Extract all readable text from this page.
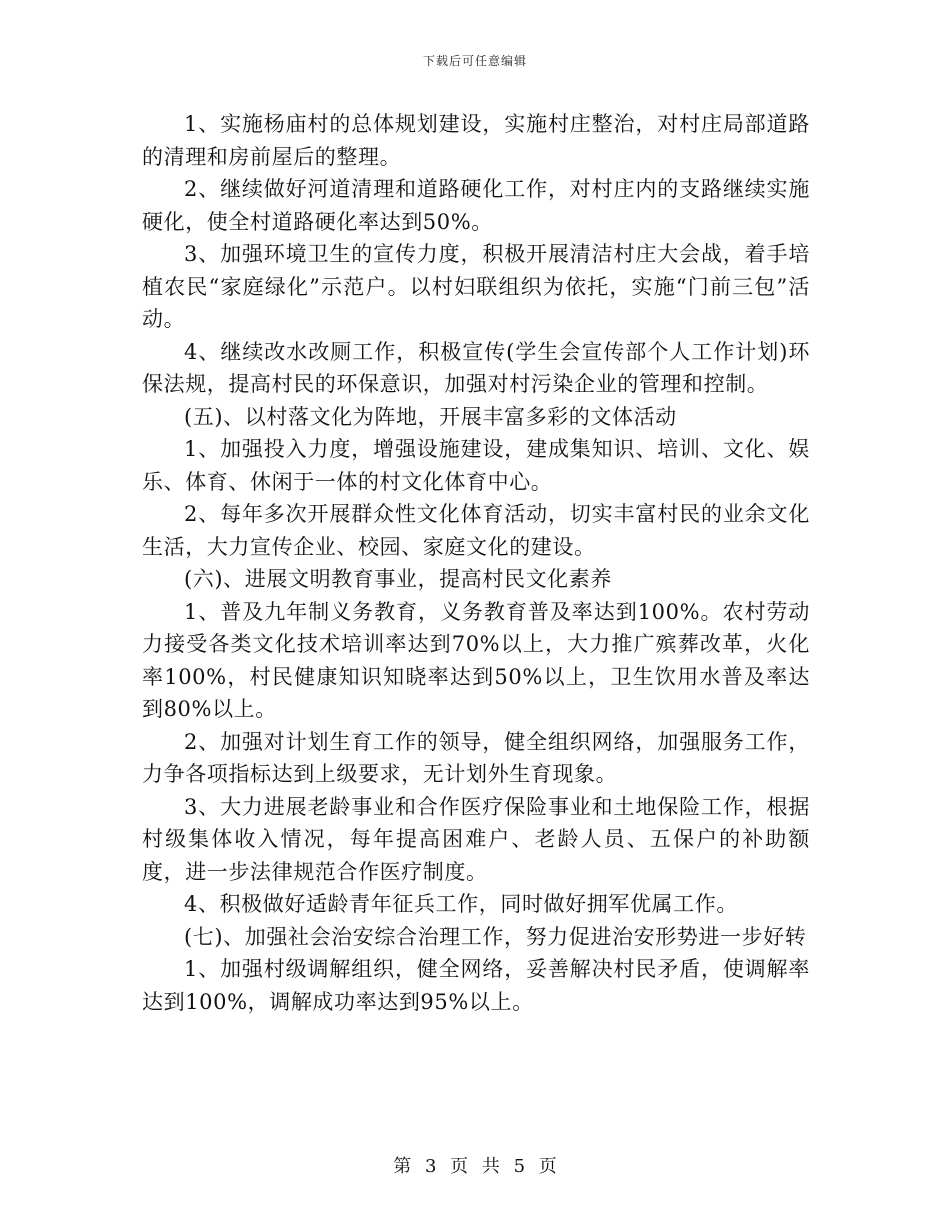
下载后可任意编辑

1、实施杨庙村的总体规划建设，实施村庄整治，对村庄局部道路的清理和房前屋后的整理。

2、继续做好河道清理和道路硬化工作，对村庄内的支路继续实施硬化，使全村道路硬化率达到50%。

3、加强环境卫生的宣传力度，积极开展清洁村庄大会战，着手培植农民“家庭绿化”示范户。以村妇联组织为依托，实施“门前三包”活动。

4、继续改水改厕工作，积极宣传(学生会宣传部个人工作计划)环保法规，提高村民的环保意识，加强对村污染企业的管理和控制。

(五)、以村落文化为阵地，开展丰富多彩的文体活动

1、加强投入力度，增强设施建设，建成集知识、培训、文化、娱乐、体育、休闲于一体的村文化体育中心。

2、每年多次开展群众性文化体育活动，切实丰富村民的业余文化生活，大力宣传企业、校园、家庭文化的建设。

(六)、进展文明教育事业，提高村民文化素养

1、普及九年制义务教育，义务教育普及率达到100%。农村劳动力接受各类文化技术培训率达到70%以上，大力推广殡葬改革，火化率100%，村民健康知识知晓率达到50%以上，卫生饮用水普及率达到80%以上。

2、加强对计划生育工作的领导，健全组织网络，加强服务工作，力争各项指标达到上级要求，无计划外生育现象。

3、大力进展老龄事业和合作医疗保险事业和土地保险工作，根据村级集体收入情况，每年提高困难户、老龄人员、五保户的补助额度，进一步法律规范合作医疗制度。

4、积极做好适龄青年征兵工作，同时做好拥军优属工作。

(七)、加强社会治安综合治理工作，努力促进治安形势进一步好转

1、加强村级调解组织，健全网络，妥善解决村民矛盾，使调解率达到100%，调解成功率达到95%以上。

第 3 页 共 5 页
